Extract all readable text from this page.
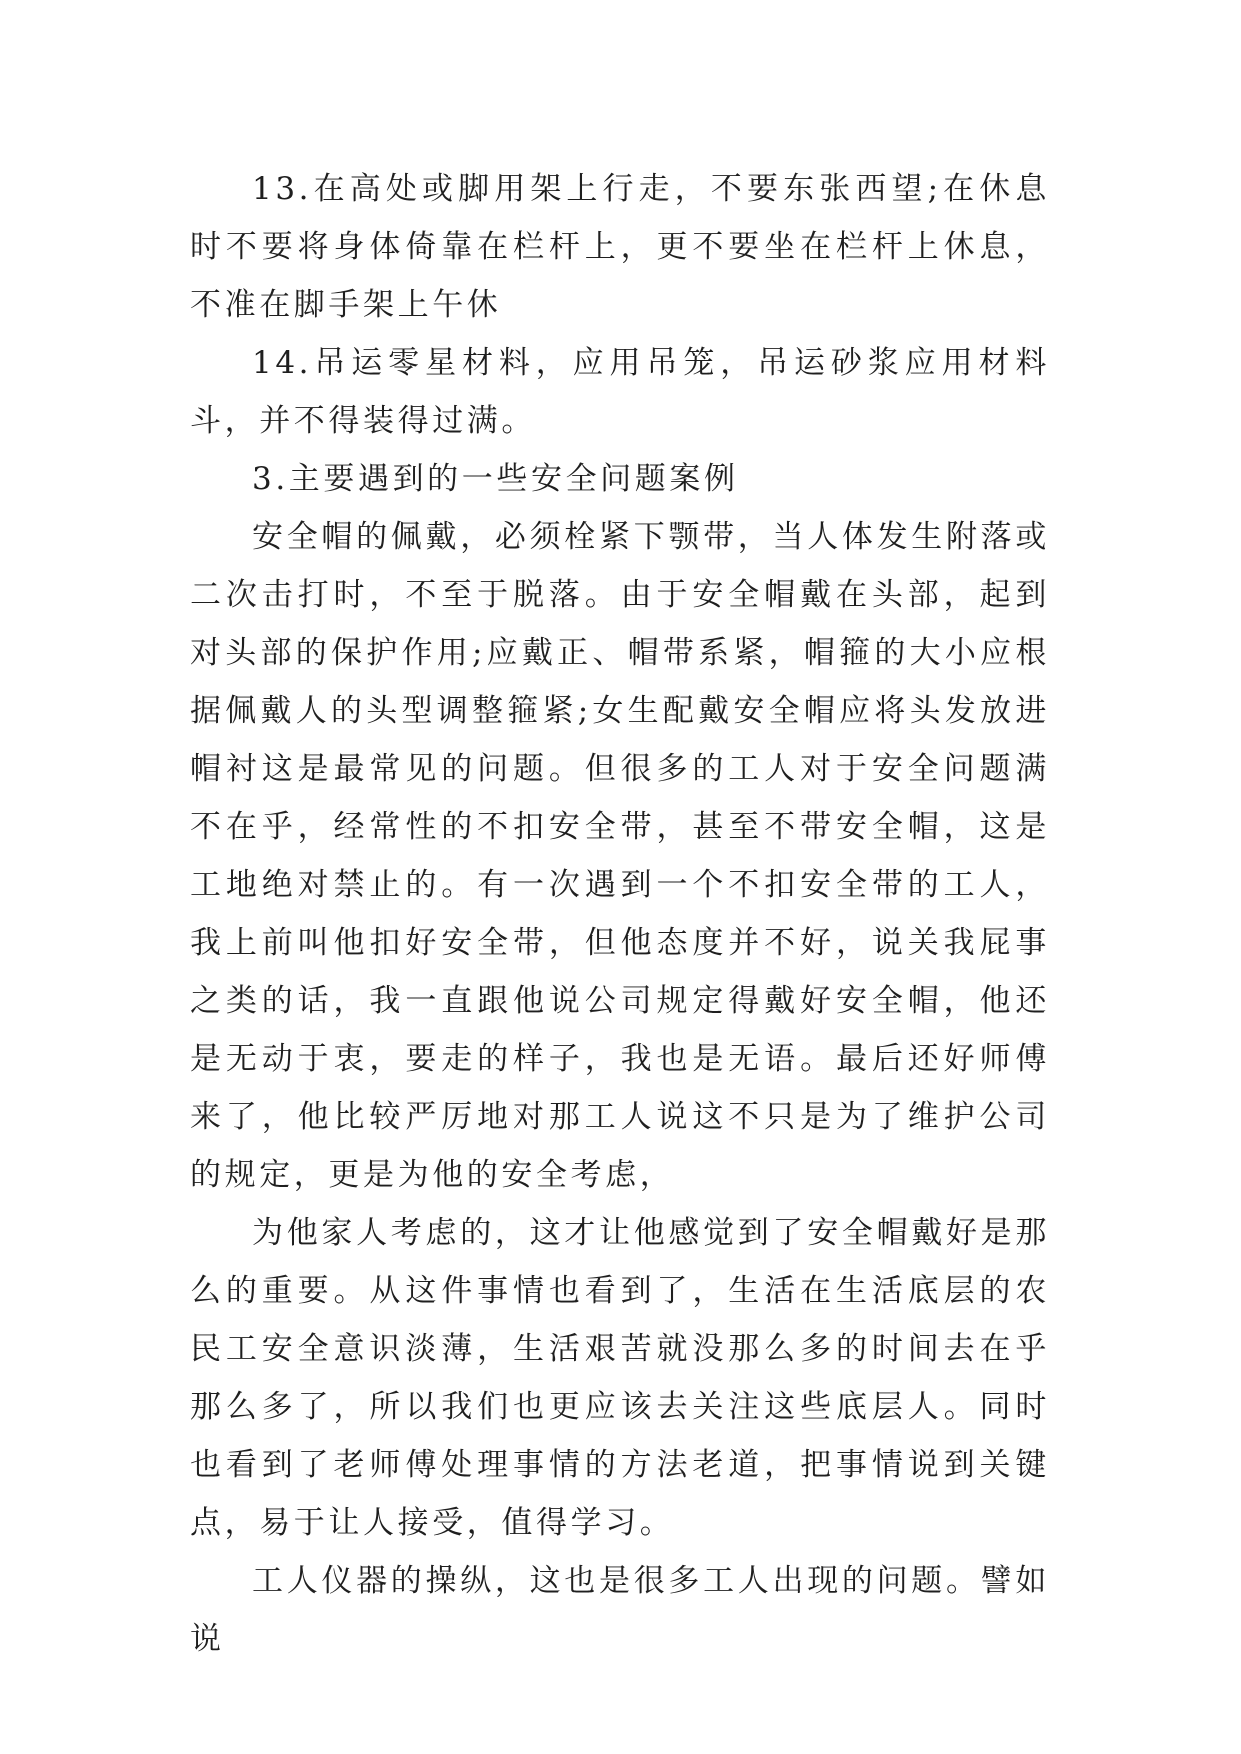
13.在高处或脚用架上行走，不要东张西望;在休息时不要将身体倚靠在栏杆上，更不要坐在栏杆上休息，不准在脚手架上午休

14.吊运零星材料，应用吊笼，吊运砂浆应用材料斗，并不得装得过满。

3.主要遇到的一些安全问题案例

安全帽的佩戴，必须栓紧下颚带，当人体发生附落或二次击打时，不至于脱落。由于安全帽戴在头部，起到对头部的保护作用;应戴正、帽带系紧，帽箍的大小应根据佩戴人的头型调整箍紧;女生配戴安全帽应将头发放进帽衬这是最常见的问题。但很多的工人对于安全问题满不在乎，经常性的不扣安全带，甚至不带安全帽，这是工地绝对禁止的。有一次遇到一个不扣安全带的工人，我上前叫他扣好安全带，但他态度并不好，说关我屁事之类的话，我一直跟他说公司规定得戴好安全帽，他还是无动于衷，要走的样子，我也是无语。最后还好师傅来了，他比较严厉地对那工人说这不只是为了维护公司的规定，更是为他的安全考虑，

为他家人考虑的，这才让他感觉到了安全帽戴好是那么的重要。从这件事情也看到了，生活在生活底层的农民工安全意识淡薄，生活艰苦就没那么多的时间去在乎那么多了，所以我们也更应该去关注这些底层人。同时也看到了老师傅处理事情的方法老道，把事情说到关键点，易于让人接受，值得学习。

工人仪器的操纵，这也是很多工人出现的问题。譬如说
